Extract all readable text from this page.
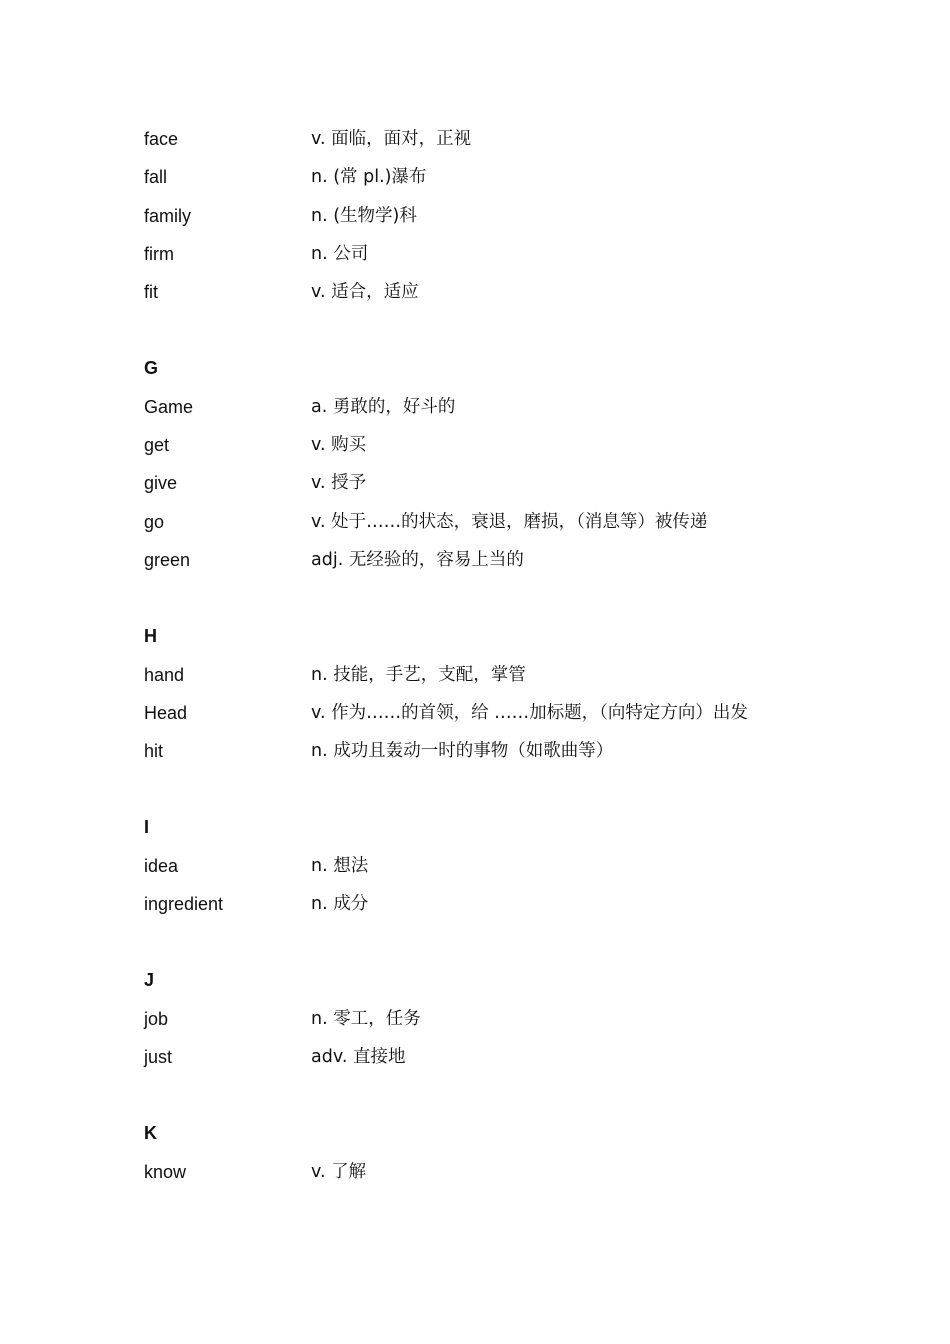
face	v. 面临，面对，正视
fall	n. (常 pl.)瀑布
family	n. (生物学)科
firm	n. 公司
fit	v. 适合，适应
G
Game	a. 勇敢的，好斗的
get	v. 购买
give	v. 授予
go	v. 处于……的状态，衰退，磨损，（消息等）被传递
green	adj. 无经验的，容易上当的
H
hand	n. 技能，手艺，支配，掌管
Head	v. 作为……的首领，给 ……加标题，（向特定方向）出发
hit	n. 成功且轰动一时的事物（如歌曲等）
I
idea	n. 想法
ingredient	n. 成分
J
job	n. 零工，任务
just	adv. 直接地
K
know	v. 了解
